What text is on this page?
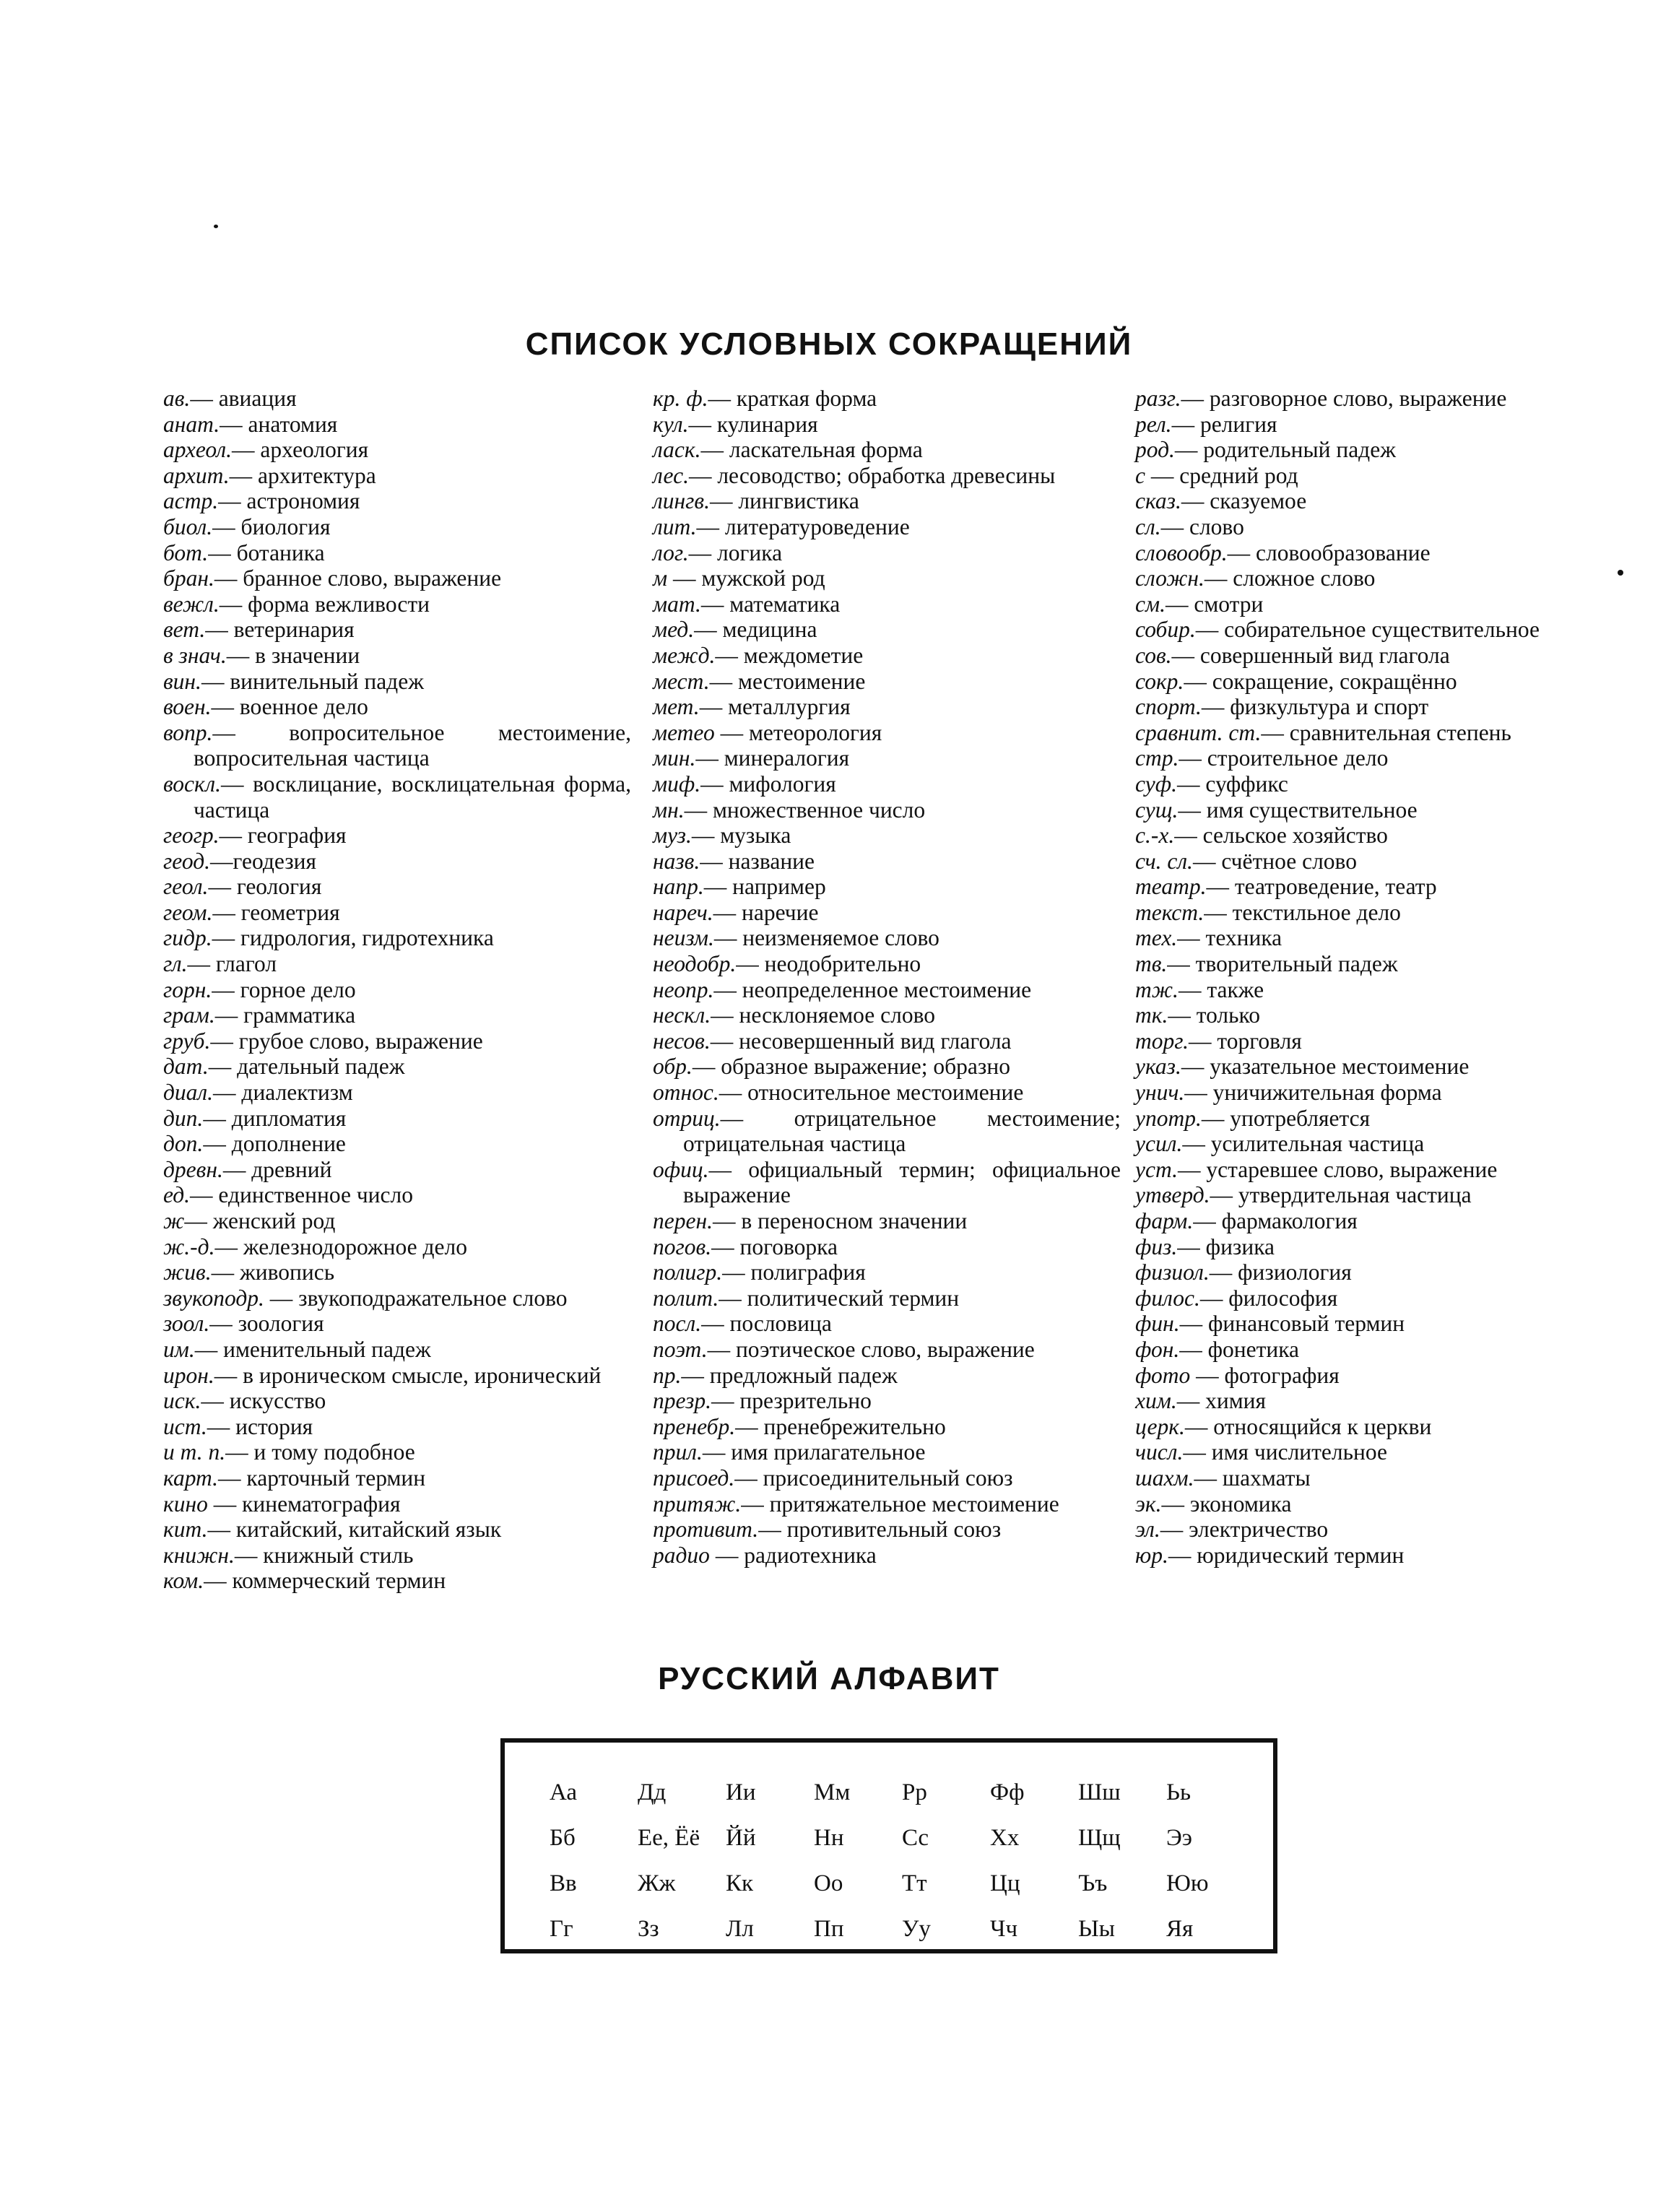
СПИСОК УСЛОВНЫХ СОКРАЩЕНИЙ

ав.— авиация

анат.— анатомия

археол.— археология

архит.— архитектура

астр.— астрономия

биол.— биология

бот.— ботаника

бран.— бранное слово, выражение

вежл.— форма вежливости

вет.— ветеринария

в знач.— в значении

вин.— винительный падеж

воен.— военное дело

вопр.— вопросительное местоимение, вопросительная частица

воскл.— восклицание, восклицательная форма, частица

геогр.— география

геод.—геодезия

геол.— геология

геом.— геометрия

гидр.— гидрология, гидротехника

гл.— глагол

горн.— горное дело

грам.— грамматика

груб.— грубое слово, выражение

дат.— дательный падеж

диал.— диалектизм

дип.— дипломатия

доп.— дополнение

древн.— древний

ед.— единственное число

ж— женский род

ж.-д.— железнодорожное дело

жив.— живопись

звукоподр. — звукоподражательное слово

зоол.— зоология

им.— именительный падеж

ирон.— в ироническом смысле, иронический

иск.— искусство

ист.— история

и т. п.— и тому подобное

карт.— карточный термин

кино — кинематография

кит.— китайский, китайский язык

книжн.— книжный стиль

ком.— коммерческий термин

кр. ф.— краткая форма

кул.— кулинария

ласк.— ласкательная форма

лес.— лесоводство; обработка древесины

лингв.— лингвистика

лит.— литературоведение

лог.— логика

м — мужской род

мат.— математика

мед.— медицина

межд.— междометие

мест.— местоимение

мет.— металлургия

метео — метеорология

мин.— минералогия

миф.— мифология

мн.— множественное число

муз.— музыка

назв.— название

напр.— например

нареч.— наречие

неизм.— неизменяемое слово

неодобр.— неодобрительно

неопр.— неопределенное местоимение

нескл.— несклоняемое слово

несов.— несовершенный вид глагола

обр.— образное выражение; образно

относ.— относительное местоимение

отриц.— отрицательное местоимение; отрицательная частица

офиц.— официальный термин; официальное выражение

перен.— в переносном значении

погов.— поговорка

полигр.— полиграфия

полит.— политический термин

посл.— пословица

поэт.— поэтическое слово, выражение

пр.— предложный падеж

презр.— презрительно

пренебр.— пренебрежительно

прил.— имя прилагательное

присоед.— присоединительный союз

притяж.— притяжательное местоимение

противит.— противительный союз

радио — радиотехника

разг.— разговорное слово, выражение

рел.— религия

род.— родительный падеж

с — средний род

сказ.— сказуемое

сл.— слово

словообр.— словообразование

сложн.— сложное слово

см.— смотри

собир.— собирательное существительное

сов.— совершенный вид глагола

сокр.— сокращение, сокращённо

спорт.— физкультура и спорт

сравнит. ст.— сравнительная степень

стр.— строительное дело

суф.— суффикс

сущ.— имя существительное

с.-х.— сельское хозяйство

сч. сл.— счётное слово

театр.— театроведение, театр

текст.— текстильное дело

тех.— техника

тв.— творительный падеж

тж.— также

тк.— только

торг.— торговля

указ.— указательное местоимение

унич.— уничижительная форма

употр.— употребляется

усил.— усилительная частица

уст.— устаревшее слово, выражение

утверд.— утвердительная частица

фарм.— фармакология

физ.— физика

физиол.— физиология

филос.— философия

фин.— финансовый термин

фон.— фонетика

фото — фотография

хим.— химия

церк.— относящийся к церкви

числ.— имя числительное

шахм.— шахматы

эк.— экономика

эл.— электричество

юр.— юридический термин

РУССКИЙ АЛФАВИТ
Аа	Дд	Ии	Мм	Рр	Фф	Шш	Ьь
Бб	Ее, Ёё	Йй	Нн	Сс	Хх	Щщ	Ээ
Вв	Жж	Кк	Оо	Тт	Цц	Ъъ	Юю
Гг	Зз	Лл	Пп	Уу	Чч	Ыы	Яя
